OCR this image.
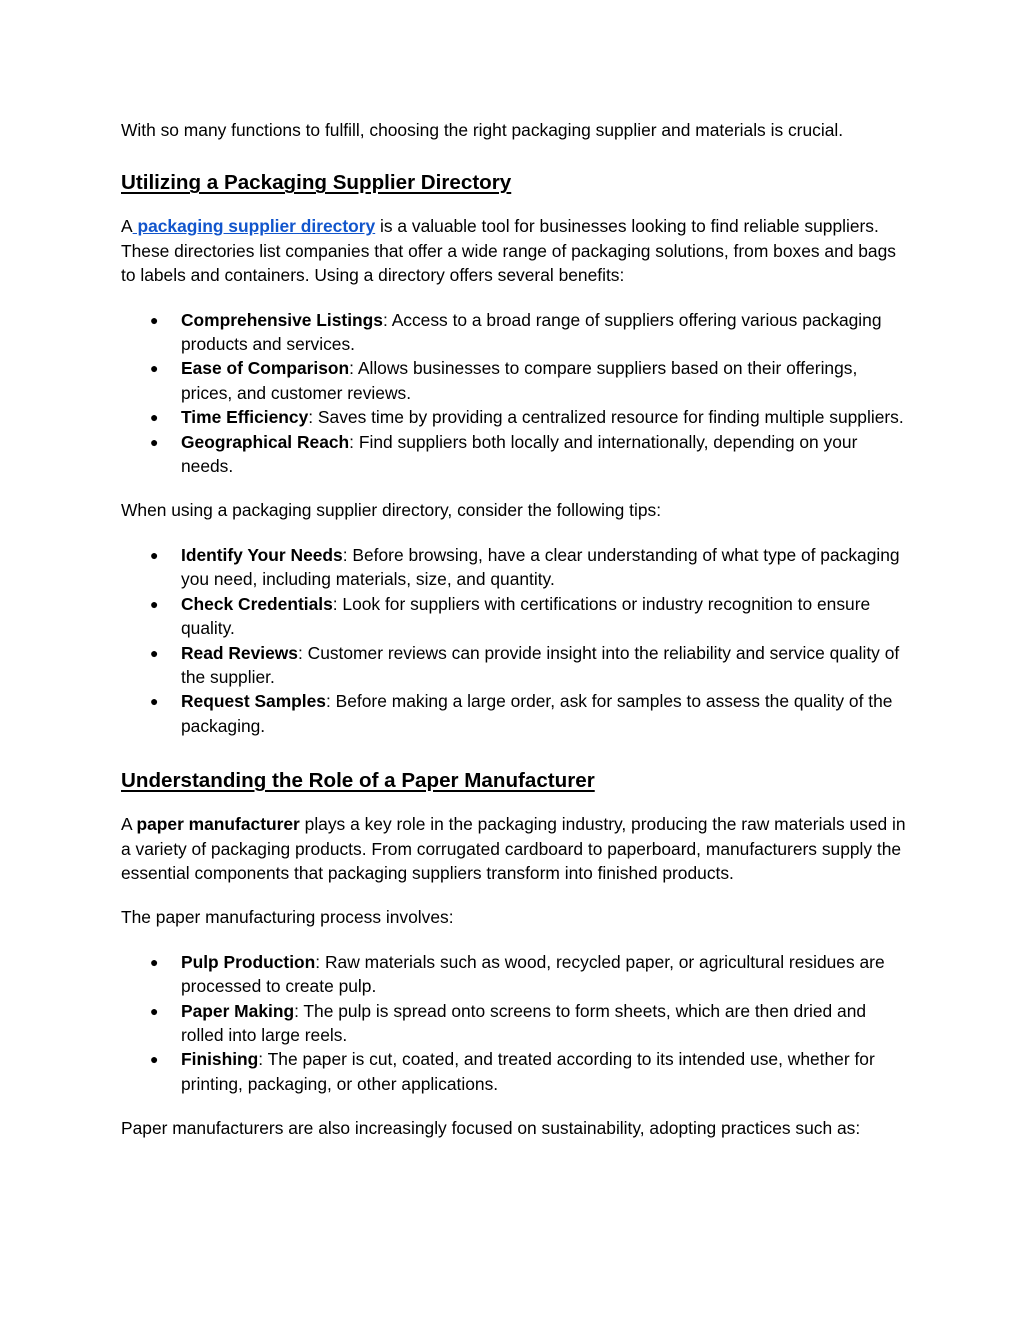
With so many functions to fulfill, choosing the right packaging supplier and materials is crucial.

Utilizing a Packaging Supplier Directory

A packaging supplier directory is a valuable tool for businesses looking to find reliable suppliers. These directories list companies that offer a wide range of packaging solutions, from boxes and bags to labels and containers. Using a directory offers several benefits:

● Comprehensive Listings: Access to a broad range of suppliers offering various packaging products and services.
● Ease of Comparison: Allows businesses to compare suppliers based on their offerings, prices, and customer reviews.
● Time Efficiency: Saves time by providing a centralized resource for finding multiple suppliers.
● Geographical Reach: Find suppliers both locally and internationally, depending on your needs.

When using a packaging supplier directory, consider the following tips:

● Identify Your Needs: Before browsing, have a clear understanding of what type of packaging you need, including materials, size, and quantity.
● Check Credentials: Look for suppliers with certifications or industry recognition to ensure quality.
● Read Reviews: Customer reviews can provide insight into the reliability and service quality of the supplier.
● Request Samples: Before making a large order, ask for samples to assess the quality of the packaging.
Understanding the Role of a Paper Manufacturer

A paper manufacturer plays a key role in the packaging industry, producing the raw materials used in a variety of packaging products. From corrugated cardboard to paperboard, manufacturers supply the essential components that packaging suppliers transform into finished products.

The paper manufacturing process involves:

● Pulp Production: Raw materials such as wood, recycled paper, or agricultural residues are processed to create pulp.
● Paper Making: The pulp is spread onto screens to form sheets, which are then dried and rolled into large reels.
● Finishing: The paper is cut, coated, and treated according to its intended use, whether for printing, packaging, or other applications.

Paper manufacturers are also increasingly focused on sustainability, adopting practices such as:
